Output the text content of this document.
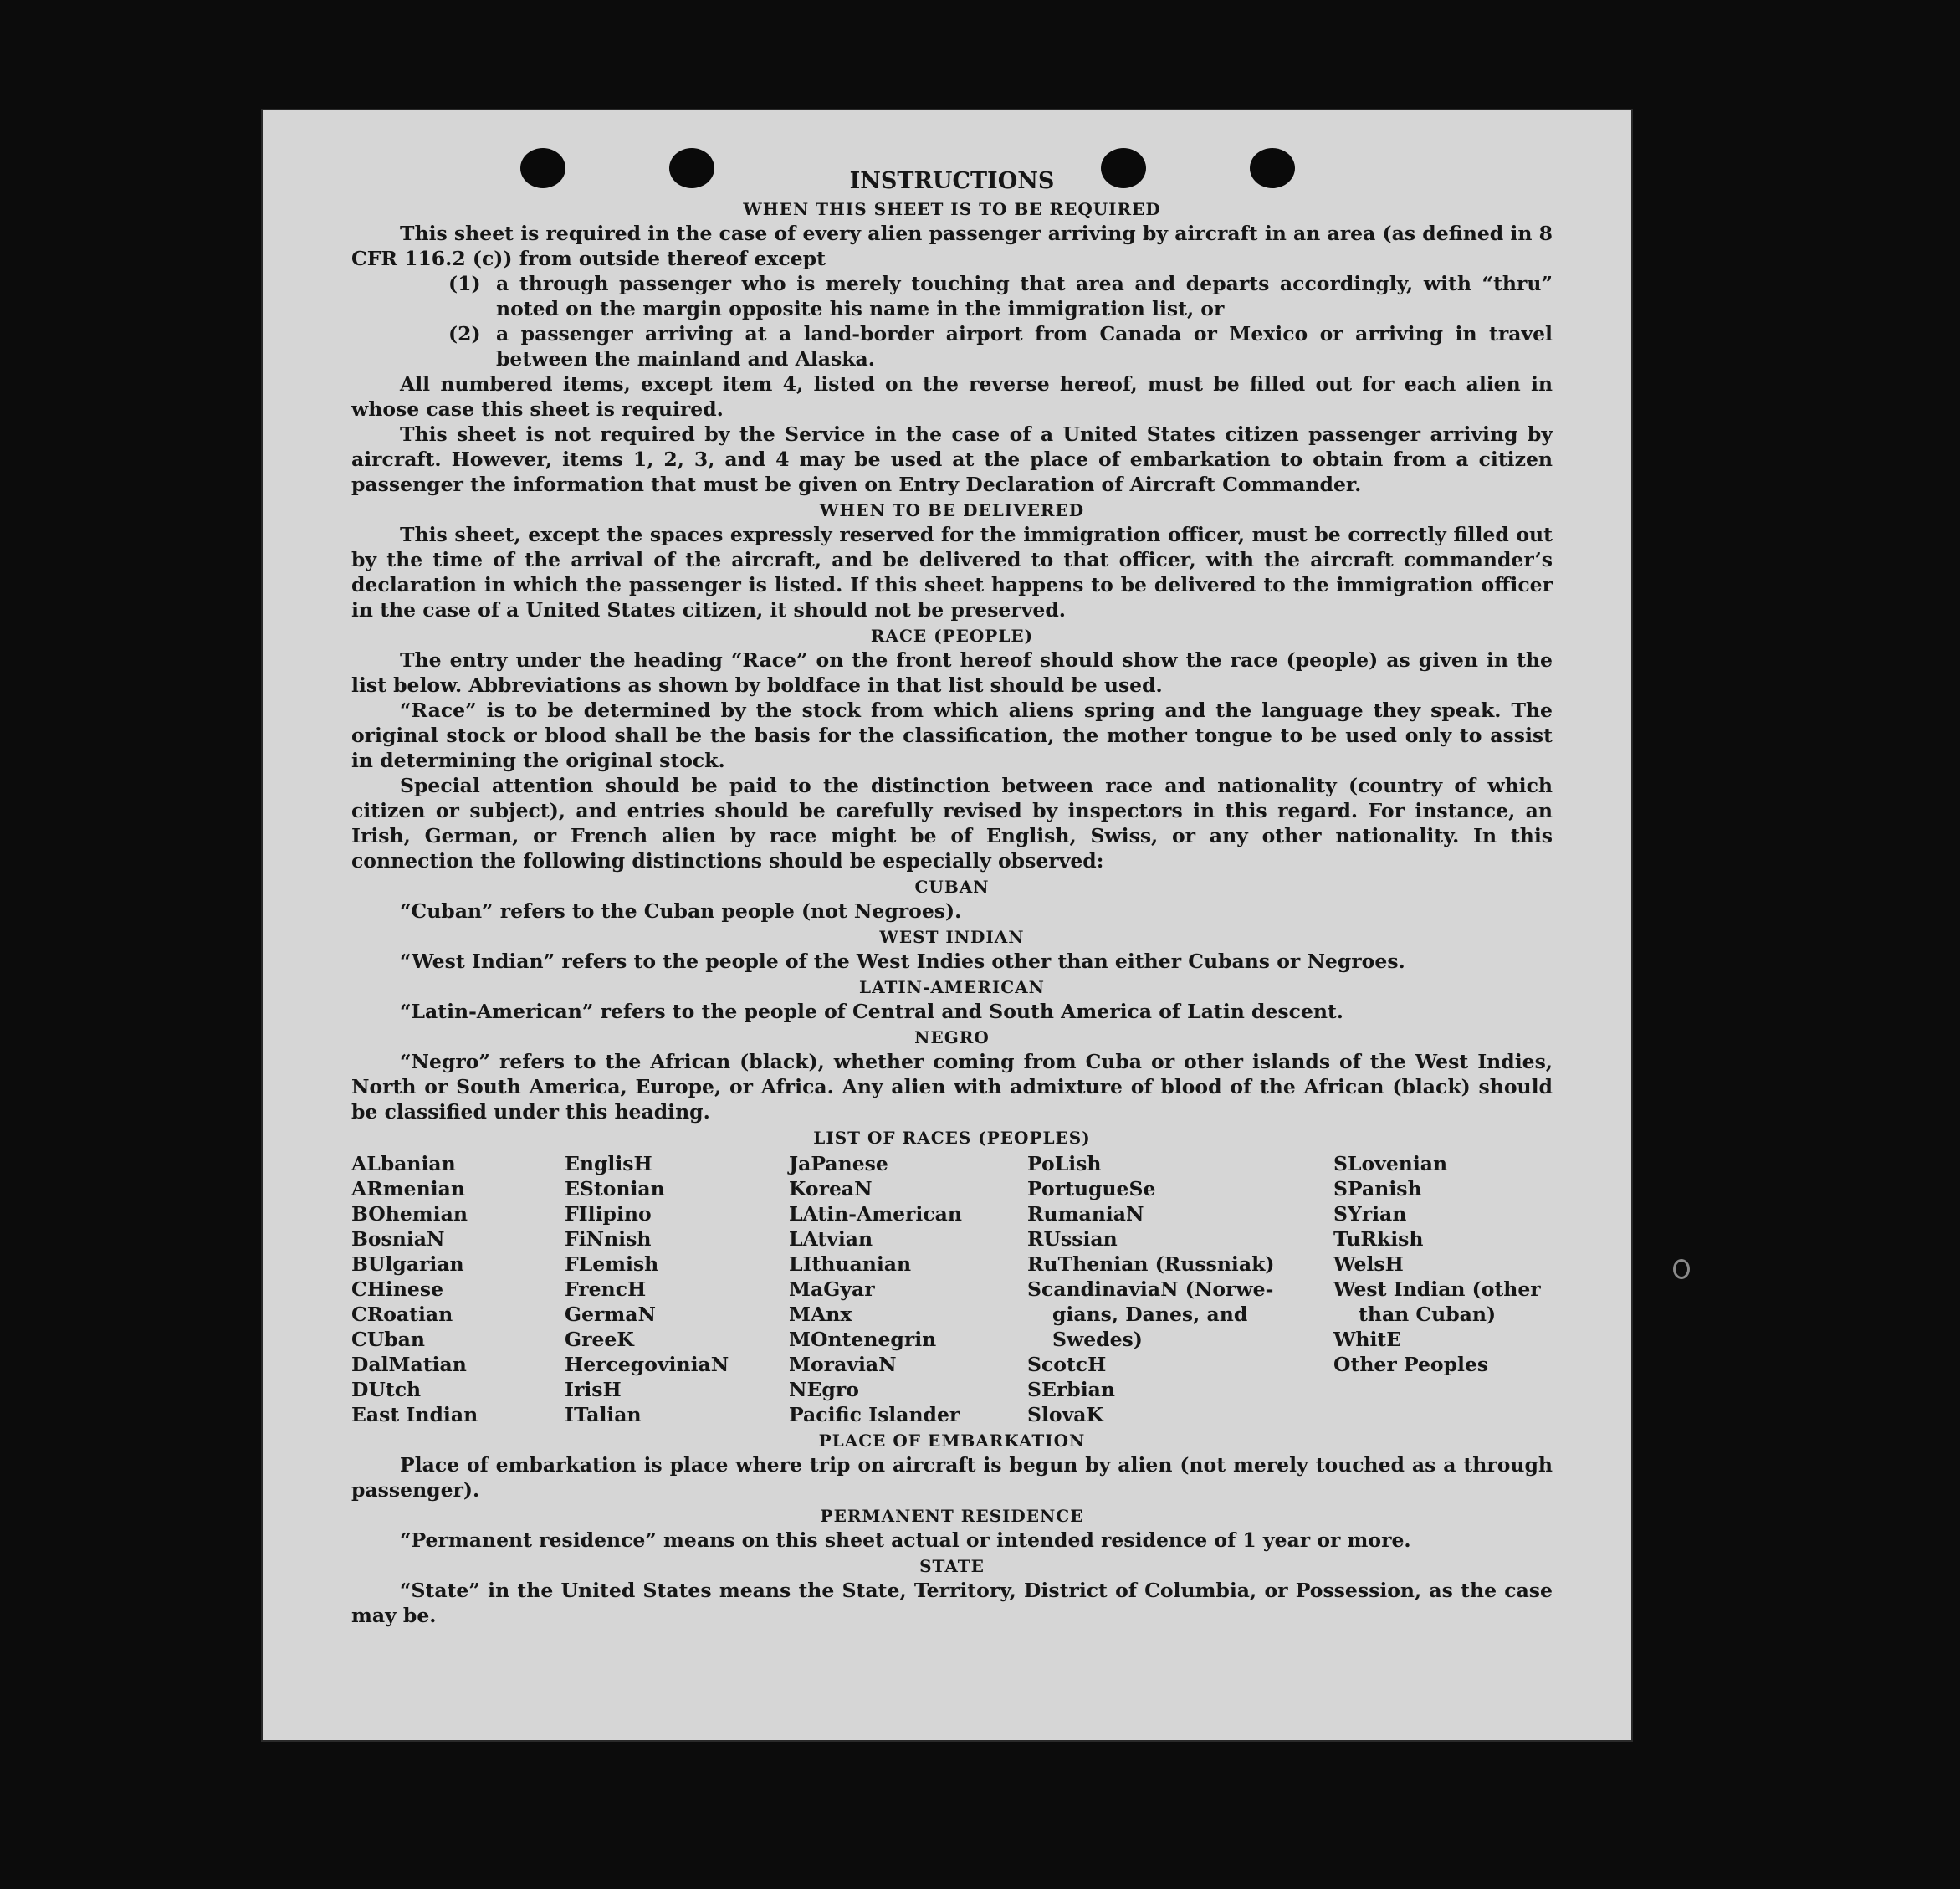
INSTRUCTIONS
WHEN THIS SHEET IS TO BE REQUIRED

This sheet is required in the case of every alien passenger arriving by aircraft in an area (as defined in 8 CFR 116.2 (c)) from outside thereof except

(1) a through passenger who is merely touching that area and departs accordingly, with “thru” noted on the margin opposite his name in the immigration list, or

(2) a passenger arriving at a land-border airport from Canada or Mexico or arriving in travel between the mainland and Alaska.

All numbered items, except item 4, listed on the reverse hereof, must be filled out for each alien in whose case this sheet is required.

This sheet is not required by the Service in the case of a United States citizen passenger arriving by aircraft. However, items 1, 2, 3, and 4 may be used at the place of embarkation to obtain from a citizen passenger the information that must be given on Entry Declaration of Aircraft Commander.

WHEN TO BE DELIVERED

This sheet, except the spaces expressly reserved for the immigration officer, must be correctly filled out by the time of the arrival of the aircraft, and be delivered to that officer, with the aircraft commander’s declaration in which the passenger is listed. If this sheet happens to be delivered to the immigration officer in the case of a United States citizen, it should not be preserved.

RACE (PEOPLE)

The entry under the heading “Race” on the front hereof should show the race (people) as given in the list below. Abbreviations as shown by boldface in that list should be used.

“Race” is to be determined by the stock from which aliens spring and the language they speak. The original stock or blood shall be the basis for the classification, the mother tongue to be used only to assist in determining the original stock.

Special attention should be paid to the distinction between race and nationality (country of which citizen or subject), and entries should be carefully revised by inspectors in this regard. For instance, an Irish, German, or French alien by race might be of English, Swiss, or any other nationality. In this connection the following distinctions should be especially observed:

CUBAN

“Cuban” refers to the Cuban people (not Negroes).

WEST INDIAN

“West Indian” refers to the people of the West Indies other than either Cubans or Negroes.

LATIN-AMERICAN

“Latin-American” refers to the people of Central and South America of Latin descent.

NEGRO

“Negro” refers to the African (black), whether coming from Cuba or other islands of the West Indies, North or South America, Europe, or Africa. Any alien with admixture of blood of the African (black) should be classified under this heading.

LIST OF RACES (PEOPLES)
ALbanian	EnglisH	JaPanese	PoLish	SLovenian
ARmenian	EStonian	KoreaN	PortugueSe	SPanish
BOhemian	FIlipino	LAtin-American	RumaniaN	SYrian
BosniaN	FiNnish	LAtvian	RUssian	TuRkish
BUlgarian	FLemish	LIthuanian	RuThenian (Russniak)	WelsH
CHinese	FrencH	MaGyar	ScandinaviaN (Norwe-	West Indian (other
CRoatian	GermaN	MAnx	gians, Danes, and	than Cuban)
CUban	GreeK	MOntenegrin	Swedes)	WhitE
DalMatian	HercegoviniaN	MoraviaN	ScotcH	Other Peoples
DUtch	IrisH	NEgro	SErbian
East Indian	ITalian	Pacific Islander	SlovaK
PLACE OF EMBARKATION

Place of embarkation is place where trip on aircraft is begun by alien (not merely touched as a through passenger).

PERMANENT RESIDENCE

“Permanent residence” means on this sheet actual or intended residence of 1 year or more.

STATE

“State” in the United States means the State, Territory, District of Columbia, or Possession, as the case may be.
